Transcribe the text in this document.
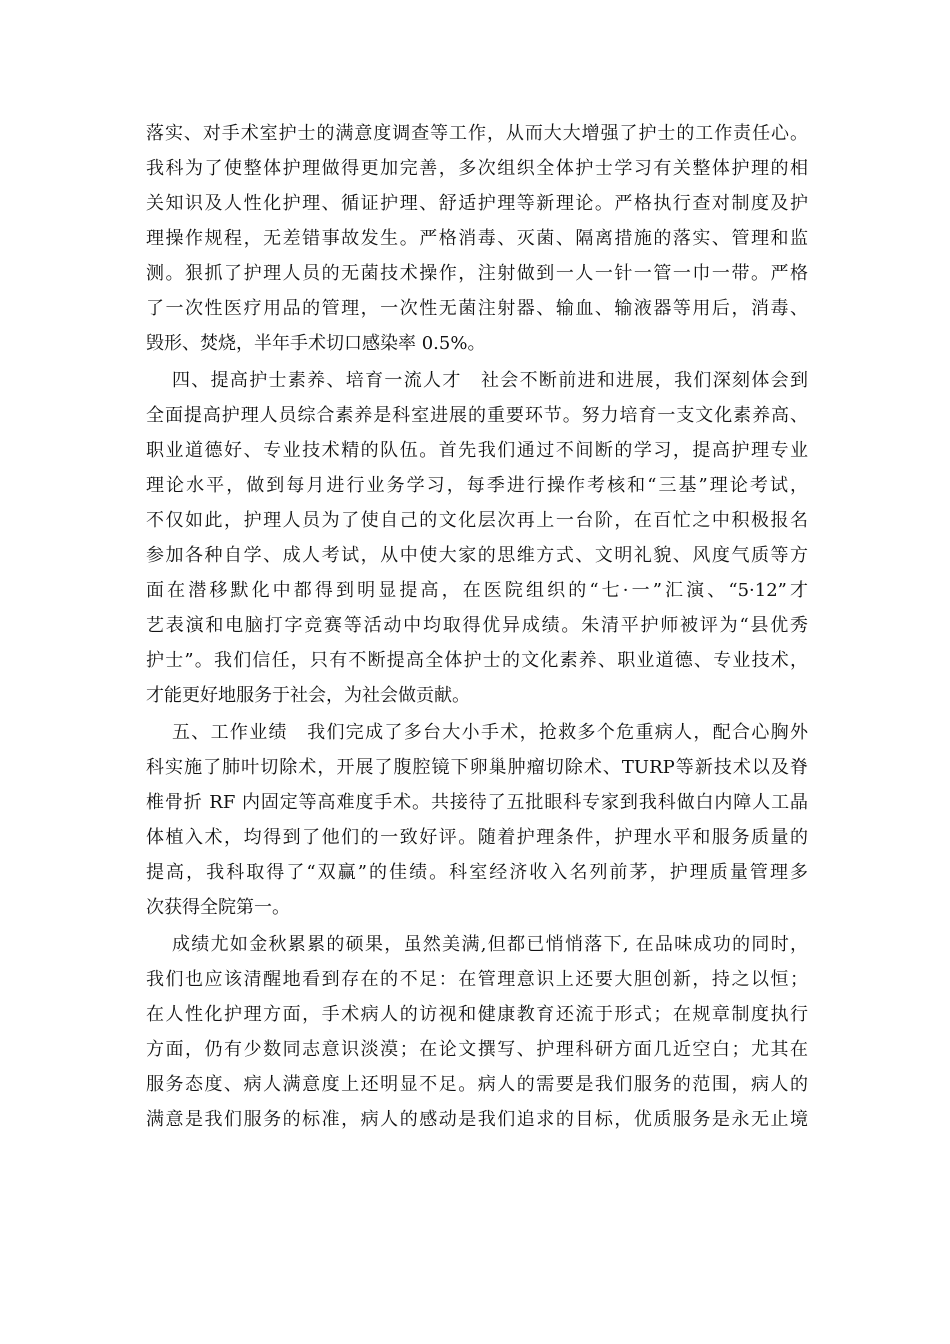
落实、对手术室护士的满意度调查等工作，从而大大增强了护士的工作责任心。
我科为了使整体护理做得更加完善，多次组织全体护士学习有关整体护理的相
关知识及人性化护理、循证护理、舒适护理等新理论。严格执行查对制度及护
理操作规程，无差错事故发生。严格消毒、灭菌、隔离措施的落实、管理和监
测。狠抓了护理人员的无菌技术操作，注射做到一人一针一管一巾一带。严格
了一次性医疗用品的管理，一次性无菌注射器、输血、输液器等用后，消毒、
毁形、焚烧，半年手术切口感染率 0.5%。
四、提高护士素养、培育一流人才　社会不断前进和进展，我们深刻体会到
全面提高护理人员综合素养是科室进展的重要环节。努力培育一支文化素养高、
职业道德好、专业技术精的队伍。首先我们通过不间断的学习，提高护理专业
理论水平，做到每月进行业务学习，每季进行操作考核和“三基”理论考试，
不仅如此，护理人员为了使自己的文化层次再上一台阶，在百忙之中积极报名
参加各种自学、成人考试，从中使大家的思维方式、文明礼貌、风度气质等方
面在潜移默化中都得到明显提高，在医院组织的“七·一”汇演、“5·12”才
艺表演和电脑打字竞赛等活动中均取得优异成绩。朱清平护师被评为“县优秀
护士”。我们信任，只有不断提高全体护士的文化素养、职业道德、专业技术，
才能更好地服务于社会，为社会做贡献。
五、工作业绩　我们完成了多台大小手术，抢救多个危重病人，配合心胸外
科实施了肺叶切除术，开展了腹腔镜下卵巢肿瘤切除术、TURP等新技术以及脊
椎骨折 RF 内固定等高难度手术。共接待了五批眼科专家到我科做白内障人工晶
体植入术，均得到了他们的一致好评。随着护理条件，护理水平和服务质量的
提高，我科取得了“双赢”的佳绩。科室经济收入名列前茅，护理质量管理多
次获得全院第一。
成绩尤如金秋累累的硕果，虽然美满,但都已悄悄落下, 在品味成功的同时，
我们也应该清醒地看到存在的不足：在管理意识上还要大胆创新，持之以恒；
在人性化护理方面，手术病人的访视和健康教育还流于形式；在规章制度执行
方面，仍有少数同志意识淡漠；在论文撰写、护理科研方面几近空白；尤其在
服务态度、病人满意度上还明显不足。病人的需要是我们服务的范围，病人的
满意是我们服务的标准，病人的感动是我们追求的目标，优质服务是永无止境
